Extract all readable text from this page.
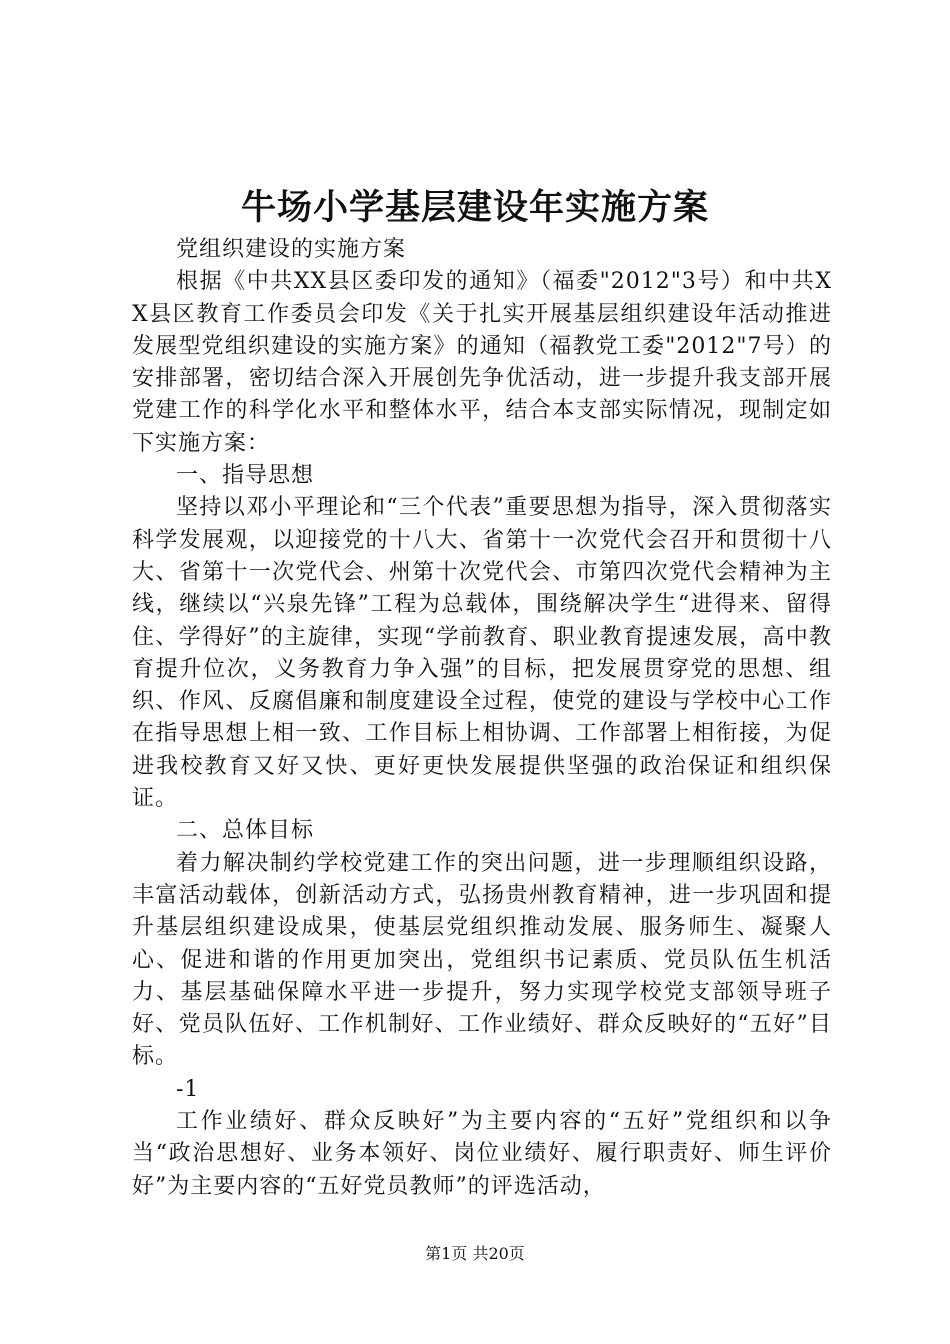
牛场小学基层建设年实施方案

党组织建设的实施方案

根据《中共XX县区委印发的通知》（福委"2012"3号）和中共XX县区教育工作委员会印发《关于扎实开展基层组织建设年活动推进发展型党组织建设的实施方案》的通知（福教党工委"2012"7号）的安排部署，密切结合深入开展创先争优活动，进一步提升我支部开展党建工作的科学化水平和整体水平，结合本支部实际情况，现制定如下实施方案：

一、指导思想

坚持以邓小平理论和“三个代表”重要思想为指导，深入贯彻落实科学发展观，以迎接党的十八大、省第十一次党代会召开和贯彻十八大、省第十一次党代会、州第十次党代会、市第四次党代会精神为主线，继续以“兴泉先锋”工程为总载体，围绕解决学生“进得来、留得住、学得好”的主旋律，实现“学前教育、职业教育提速发展，高中教育提升位次，义务教育力争入强”的目标，把发展贯穿党的思想、组织、作风、反腐倡廉和制度建设全过程，使党的建设与学校中心工作在指导思想上相一致、工作目标上相协调、工作部署上相衔接，为促进我校教育又好又快、更好更快发展提供坚强的政治保证和组织保证。

二、总体目标

着力解决制约学校党建工作的突出问题，进一步理顺组织设路，丰富活动载体，创新活动方式，弘扬贵州教育精神，进一步巩固和提升基层组织建设成果，使基层党组织推动发展、服务师生、凝聚人心、促进和谐的作用更加突出，党组织书记素质、党员队伍生机活力、基层基础保障水平进一步提升，努力实现学校党支部领导班子好、党员队伍好、工作机制好、工作业绩好、群众反映好的“五好”目标。

-1

工作业绩好、群众反映好”为主要内容的“五好”党组织和以争当“政治思想好、业务本领好、岗位业绩好、履行职责好、师生评价好”为主要内容的“五好党员教师”的评选活动，

第1页 共20页
